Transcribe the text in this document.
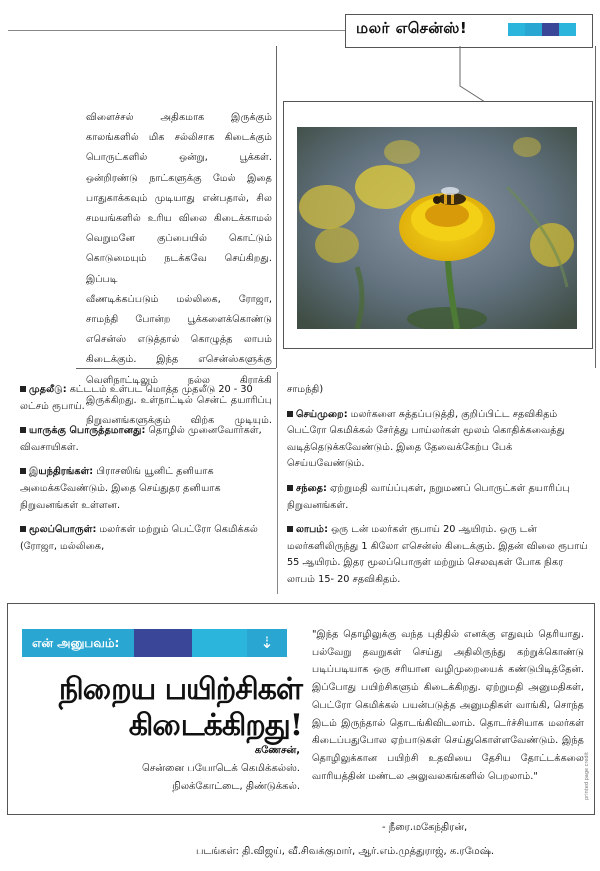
மலர் எசென்ஸ்!
விளைச்சல் அதிகமாக இருக்கும்
காலங்களில் மிக சல்லிசாக கிடைக்கும்
பொருட்களில் ஒன்று, பூக்கள்.
ஒன்றிரண்டு நாட்களுக்கு மேல் இதை
பாதுகாக்கவும் முடியாது என்பதால், சில
சமயங்களில் உரிய விலை கிடைக்காமல்
வெறுமனே குப்பையில் கொட்டும்
கொடுமையும் நடக்கவே செய்கிறது. இப்படி
வீணடிக்கப்படும் மல்லிகை, ரோஜா,
சாமந்தி போன்ற பூக்களைக்கொண்டு
எசென்ஸ் எடுத்தால் கொழுத்த லாபம்
கிடைக்கும். இந்த எசென்ஸ்களுக்கு
வெளிநாட்டிலும் நல்ல கிராக்கி
இருக்கிறது. உள்நாட்டில் சென்ட் தயாரிப்பு
நிறுவனங்களுக்கும் விற்க முடியும்.

முதலீடு: கட்டடம் உள்பட மொத்த முதலீடு 20 - 30 லட்சம் ரூபாய்.

யாருக்கு பொருத்தமானது: தொழில் முனைவோர்கள், விவசாயிகள்.

இயந்திரங்கள்: பிராசஸிங் யூனிட் தனியாக அமைக்கவேண்டும். இதை செய்துதர தனியாக நிறுவனங்கள் உள்ளன.

மூலப்பொருள்: மலர்கள் மற்றும் பெட்ரோ கெமிக்கல் (ரோஜா, மல்லிகை,

சாமந்தி)

செய்முறை: மலர்களை சுத்தப்படுத்தி, குறிப்பிட்ட சதவிகிதம் பெட்ரோ கெமிக்கல் சேர்த்து பாய்லர்கள் மூலம் கொதிக்கவைத்து வடித்தெடுக்கவேண்டும். இதை தேவைக்கேற்ப பேக் செய்யவேண்டும்.

சந்தை: ஏற்றுமதி வாய்ப்புகள், நறுமணப் பொருட்கள் தயாரிப்பு நிறுவனங்கள்.

லாபம்: ஒரு டன் மலர்கள் ரூபாய் 20 ஆயிரம். ஒரு டன் மலர்களிலிருந்து 1 கிலோ எசென்ஸ் கிடைக்கும். இதன் விலை ரூபாய் 55 ஆயிரம். இதர மூலப்பொருள் மற்றும் செலவுகள் போக நிகர லாபம் 15- 20 சதவிகிதம்.

என் அனுபவம்:	⇣
நிறைய பயிற்சிகள்
கிடைக்கிறது!
கணேசன்,
சென்னை பயோடெக் கெமிக்கல்ஸ்.
நிலக்கோட்டை, திண்டுக்கல்.
"இந்த தொழிலுக்கு வந்த புதிதில் எனக்கு எதுவும் தெரியாது. பல்வேறு தவறுகள் செய்து அதிலிருந்து கற்றுக்கொண்டு படிப்படியாக ஒரு சரியான வழிமுறையைக் கண்டுபிடித்தேன். இப்போது பயிற்சிகளும் கிடைக்கிறது. ஏற்றுமதி அனுமதிகள், பெட்ரோ கெமிக்கல் பயன்படுத்த அனுமதிகள் வாங்கி, சொந்த இடம் இருந்தால் தொடங்கிவிடலாம். தொடர்ச்சியாக மலர்கள் கிடைப்பதுபோல ஏற்பாடுகள் செய்துகொள்ளவேண்டும். இந்த தொழிலுக்கான பயிற்சி உதவியை தேசிய தோட்டக்கலை வாரியத்தின் மண்டல அலுவலகங்களில் பெறலாம்."
- நீரை.மகேந்திரன்,
படங்கள்: தி.விஜய், வீ.சிவக்குமார், ஆர்.எம்.முத்துராஜ், க.ரமேஷ்.
printed page credit
